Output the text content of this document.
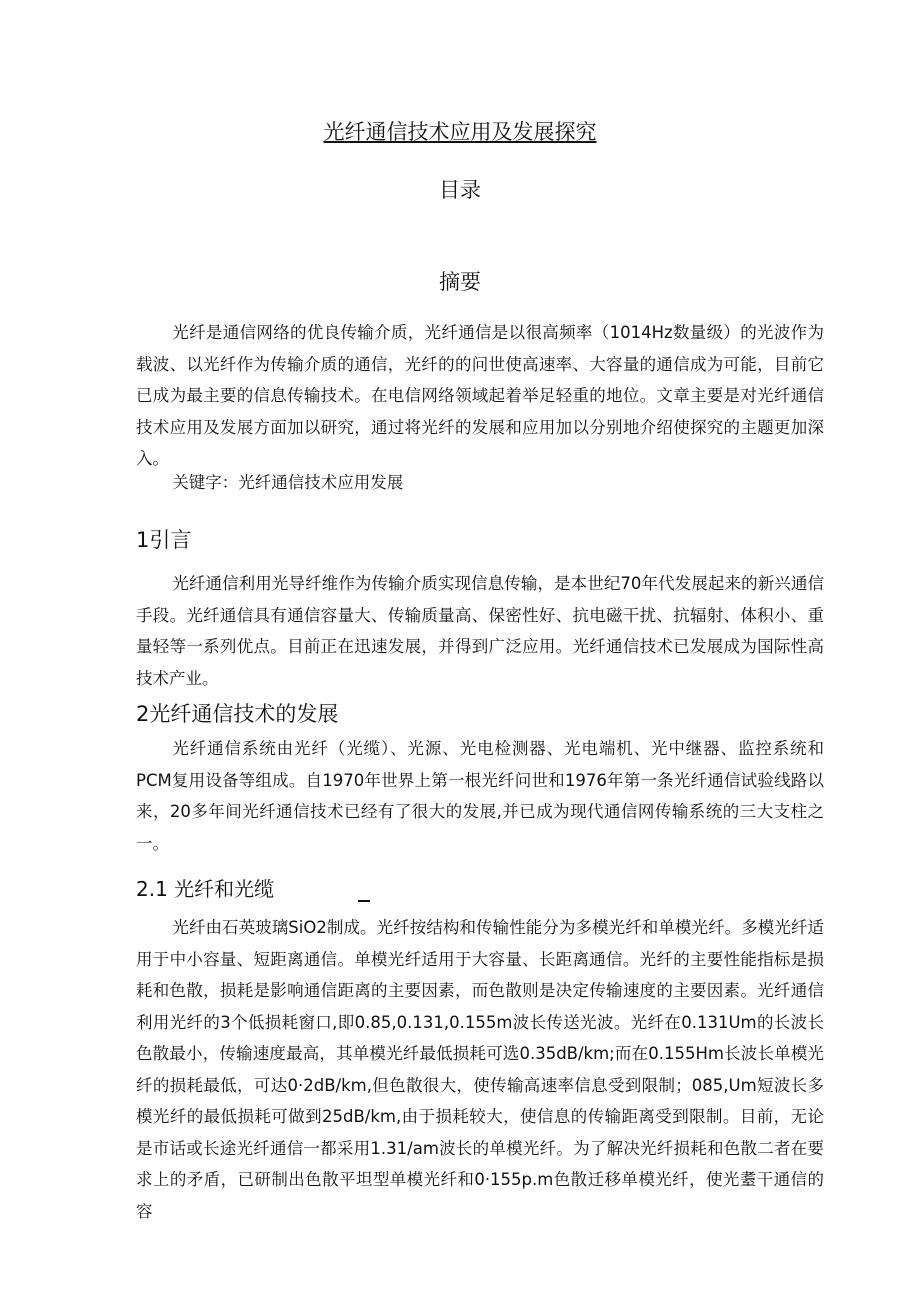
光纤通信技术应用及发展探究
目录
摘要

光纤是通信网络的优良传输介质，光纤通信是以很高频率（1014Hz数量级）的光波作为载波、以光纤作为传输介质的通信，光纤的的问世使高速率、大容量的通信成为可能，目前它已成为最主要的信息传输技术。在电信网络领域起着举足轻重的地位。文章主要是对光纤通信技术应用及发展方面加以研究，通过将光纤的发展和应用加以分别地介绍使探究的主题更加深入。

关键字：光纤通信技术应用发展

1引言

光纤通信利用光导纤维作为传输介质实现信息传输，是本世纪70年代发展起来的新兴通信手段。光纤通信具有通信容量大、传输质量高、保密性好、抗电磁干扰、抗辐射、体积小、重量轻等一系列优点。目前正在迅速发展，并得到广泛应用。光纤通信技术已发展成为国际性高技术产业。

2光纤通信技术的发展

光纤通信系统由光纤（光缆）、光源、光电检测器、光电端机、光中继器、监控系统和PCM复用设备等组成。自1970年世界上第一根光纤问世和1976年第一条光纤通信试验线路以来，20多年间光纤通信技术已经有了很大的发展,并已成为现代通信网传输系统的三大支柱之一。

2.1 光纤和光缆

光纤由石英玻璃SiO2制成。光纤按结构和传输性能分为多模光纤和单模光纤。多模光纤适用于中小容量、短距离通信。单模光纤适用于大容量、长距离通信。光纤的主要性能指标是损耗和色散，损耗是影响通信距离的主要因素，而色散则是决定传输速度的主要因素。光纤通信利用光纤的3个低损耗窗口,即0.85,0.131,0.155m波长传送光波。光纤在0.131Um的长波长色散最小，传输速度最高，其单模光纤最低损耗可选0.35dB/km;而在0.155Hm长波长单模光纤的损耗最低，可达0·2dB/km,但色散很大，使传输高速率信息受到限制；085,Um短波长多模光纤的最低损耗可做到25dB/km,由于损耗较大，使信息的传输距离受到限制。目前，无论是市话或长途光纤通信一都采用1.31/am波长的单模光纤。为了解决光纤损耗和色散二者在要求上的矛盾，已研制出色散平坦型单模光纤和0·155p.m色散迁移单模光纤，使光耋干通信的容
